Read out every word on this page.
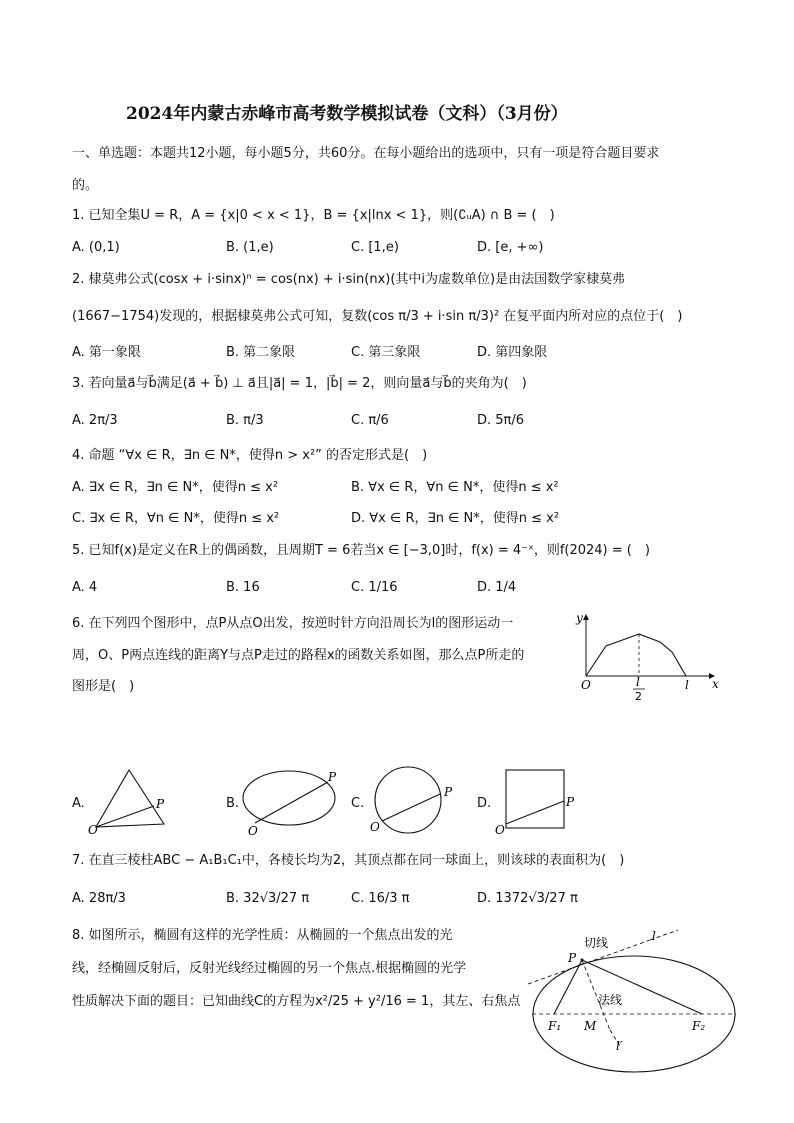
2024年内蒙古赤峰市高考数学模拟试卷（文科）（3月份）
一、单选题：本题共12小题，每小题5分，共60分。在每小题给出的选项中，只有一项是符合题目要求
的。
1. 已知全集U = R，A = {x|0 < x < 1}，B = {x|lnx < 1}，则(∁ᵤA) ∩ B = (　)
A. (0,1)	B. (1,e)	C. [1,e)	D. [e, +∞)
2. 棣莫弗公式(cosx + i·sinx)ⁿ = cos(nx) + i·sin(nx)(其中i为虚数单位)是由法国数学家棣莫弗
(1667−1754)发现的，根据棣莫弗公式可知，复数(cos π/3 + i·sin π/3)² 在复平面内所对应的点位于(　)
A. 第一象限	B. 第二象限	C. 第三象限	D. 第四象限
3. 若向量a⃗与b⃗满足(a⃗ + b⃗) ⊥ a⃗且|a⃗| = 1，|b⃗| = 2，则向量a⃗与b⃗的夹角为(　)
A. 2π/3	B. π/3	C. π/6	D. 5π/6
4. 命题 “∀x ∈ R，∃n ∈ N*，使得n > x²” 的否定形式是(　)
A. ∃x ∈ R，∃n ∈ N*，使得n ≤ x²	B. ∀x ∈ R，∀n ∈ N*，使得n ≤ x²
C. ∃x ∈ R，∀n ∈ N*，使得n ≤ x²	D. ∀x ∈ R，∃n ∈ N*，使得n ≤ x²
5. 已知f(x)是定义在R上的偶函数，且周期T = 6若当x ∈ [−3,0]时，f(x) = 4⁻ˣ，则f(2024) = (　)
A. 4	B. 16	C. 1/16	D. 1/4
6. 在下列四个图形中，点P从点O出发，按逆时针方向沿周长为l的图形运动一
周，O、P两点连线的距离Y与点P走过的路程x的函数关系如图，那么点P所走的
图形是(　)
y
x
O	l
2
l
A.
O
P	B.
O
P
C.
O
P
D.
O
P
7. 在直三棱柱ABC − A₁B₁C₁中，各棱长均为2，其顶点都在同一球面上，则该球的表面积为(　)
A. 28π/3	B. 32√3/27 π	C. 16/3 π	D. 1372√3/27 π
8. 如图所示，椭圆有这样的光学性质：从椭圆的一个焦点出发的光
线，经椭圆反射后，反射光线经过椭圆的另一个焦点.根据椭圆的光学
性质解决下面的题目：已知曲线C的方程为x²/25 + y²/16 = 1，其左、右焦点
切线	l
P
法线
F₁ M	F₂
l′
